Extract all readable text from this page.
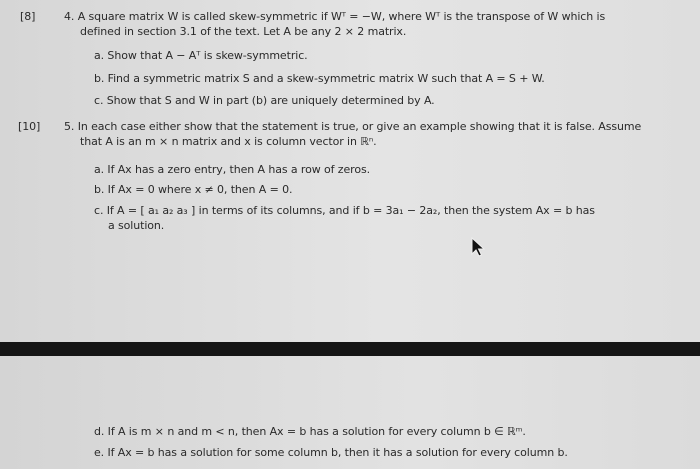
[8]	4. A square matrix W is called skew-symmetric if Wᵀ = −W, where Wᵀ is the transpose of W which is
defined in section 3.1 of the text. Let A be any 2 × 2 matrix.
a. Show that A − Aᵀ is skew-symmetric.
b. Find a symmetric matrix S and a skew-symmetric matrix W such that A = S + W.
c. Show that S and W in part (b) are uniquely determined by A.
[10] 5. In each case either show that the statement is true, or give an example showing that it is false. Assume
that A is an m × n matrix and x is column vector in ℝⁿ.
a. If Ax has a zero entry, then A has a row of zeros.
b. If Ax = 0 where x ≠ 0, then A = 0.
c. If A = [ a₁ a₂ a₃ ] in terms of its columns, and if b = 3a₁ − 2a₂, then the system Ax = b has
a solution.
d. If A is m × n and m < n, then Ax = b has a solution for every column b ∈ ℝᵐ.
e. If Ax = b has a solution for some column b, then it has a solution for every column b.
